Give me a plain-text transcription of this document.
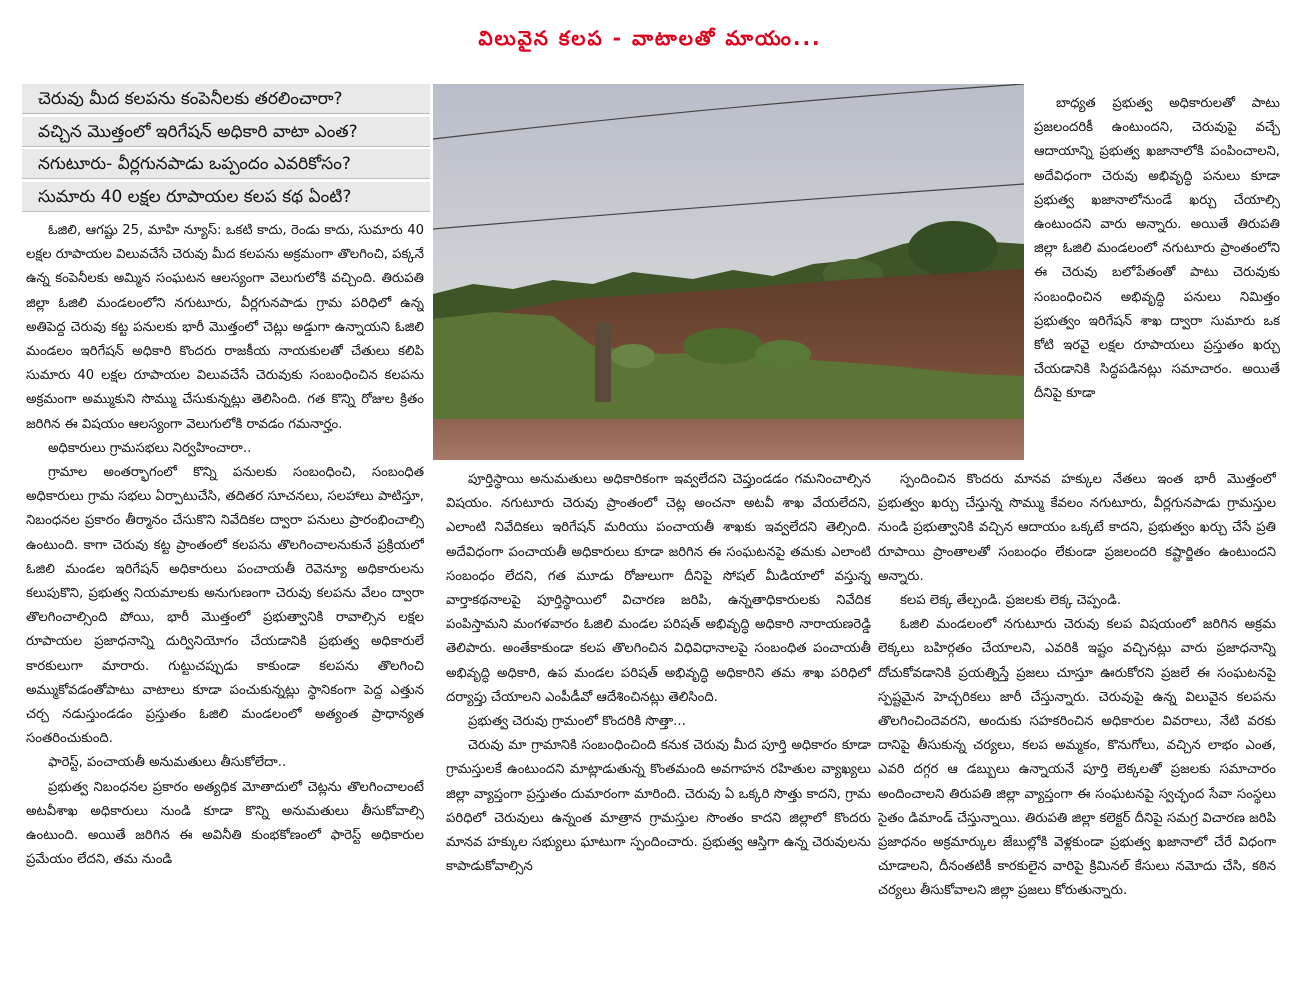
విలువైన కలప - వాటాలతో మాయం...
చెరువు మీద కలపను కంపెనీలకు తరలించారా?
వచ్చిన మొత్తంలో ఇరిగేషన్ అధికారి వాటా ఎంత?
నగుటూరు- వీర్లగునపాడు ఒప్పందం ఎవరికోసం?
సుమారు 40 లక్షల రూపాయల కలప కథ ఏంటి?

ఓజిలి, ఆగష్టు 25, మాహి న్యూస్: ఒకటి కాదు, రెండు కాదు, సుమారు 40 లక్షల రూపాయల విలువచేసే చెరువు మీద కలపను అక్రమంగా తొలగించి, పక్కనే ఉన్న కంపెనీలకు అమ్మిన సంఘటన ఆలస్యంగా వెలుగులోకి వచ్చింది. తిరుపతి జిల్లా ఓజిలి మండలంలోని నగుటూరు, వీర్లగునపాడు గ్రామ పరిధిలో ఉన్న అతిపెద్ద చెరువు కట్ట పనులకు భారీ మొత్తంలో చెట్లు అడ్డుగా ఉన్నాయని ఓజిలి మండలం ఇరిగేషన్ అధికారి కొందరు రాజకీయ నాయకులతో చేతులు కలిపి సుమారు 40 లక్షల రూపాయల విలువచేసే చెరువుకు సంబంధించిన కలపను అక్రమంగా అమ్ముకుని సొమ్ము చేసుకున్నట్లు తెలిసింది. గత కొన్ని రోజుల క్రితం జరిగిన ఈ విషయం ఆలస్యంగా వెలుగులోకి రావడం గమనార్హం.

అధికారులు గ్రామసభలు నిర్వహించారా..

గ్రామాల అంతర్భాగంలో కొన్ని పనులకు సంబంధించి, సంబంధిత అధికారులు గ్రామ సభలు ఏర్పాటుచేసి, తదితర సూచనలు, సలహాలు పాటిస్తూ, నిబంధనల ప్రకారం తీర్మానం చేసుకొని నివేదికల ద్వారా పనులు ప్రారంభించాల్సి ఉంటుంది. కాగా చెరువు కట్ట ప్రాంతంలో కలపను తొలగించాలనుకునే ప్రక్రియలో ఓజిలి మండల ఇరిగేషన్ అధికారులు పంచాయతీ రెవెన్యూ అధికారులను కలుపుకొని, ప్రభుత్వ నియమాలకు అనుగుణంగా చెరువు కలపను వేలం ద్వారా తొలగించాల్సింది పోయి, భారీ మొత్తంలో ప్రభుత్వానికి రావాల్సిన లక్షల రూపాయల ప్రజాధనాన్ని దుర్వినియోగం చేయడానికి ప్రభుత్వ అధికారులే కారకులుగా మారారు. గుట్టుచప్పుడు కాకుండా కలపను తొలగించి అమ్ముకోవడంతోపాటు వాటాలు కూడా పంచుకున్నట్లు స్థానికంగా పెద్ద ఎత్తున చర్చ నడుస్తుండడం ప్రస్తుతం ఓజిలి మండలంలో అత్యంత ప్రాధాన్యత సంతరించుకుంది.

ఫారెస్ట్, పంచాయతీ అనుమతులు తీసుకోలేదా..

ప్రభుత్వ నిబంధనల ప్రకారం అత్యధిక మోతాదులో చెట్లను తొలగించాలంటే అటవీశాఖ అధికారులు నుండి కూడా కొన్ని అనుమతులు తీసుకోవాల్సి ఉంటుంది. అయితే జరిగిన ఈ అవినీతి కుంభకోణంలో ఫారెస్ట్ అధికారుల ప్రమేయం లేదని, తమ నుండి

పూర్తిస్థాయి అనుమతులు అధికారికంగా ఇవ్వలేదని చెప్తుండడం గమనించాల్సిన విషయం. నగుటూరు చెరువు ప్రాంతంలో చెట్ల అంచనా అటవీ శాఖ వేయలేదని, ఎలాంటి నివేదికలు ఇరిగేషన్ మరియు పంచాయతీ శాఖకు ఇవ్వలేదని తెల్సింది. అదేవిధంగా పంచాయతీ అధికారులు కూడా జరిగిన ఈ సంఘటనపై తమకు ఎలాంటి సంబంధం లేదని, గత మూడు రోజులుగా దీనిపై సోషల్ మీడియాలో వస్తున్న వార్తాకథనాలపై పూర్తిస్థాయిలో విచారణ జరిపి, ఉన్నతాధికారులకు నివేదిక పంపిస్తామని మంగళవారం ఓజిలి మండల పరిషత్ అభివృద్ధి అధికారి నారాయణరెడ్డి తెలిపారు. అంతేకాకుండా కలప తొలగించిన విధివిధానాలపై సంబంధిత పంచాయతీ అభివృద్ధి అధికారి, ఉప మండల పరిషత్ అభివృద్ధి అధికారిని తమ శాఖ పరిధిలో దర్యాప్తు చేయాలని ఎంపీడీవో ఆదేశించినట్లు తెలిసింది.

ప్రభుత్వ చెరువు గ్రామంలో కొందరికి సొత్తా...

చెరువు మా గ్రామానికి సంబంధించింది కనుక చెరువు మీద పూర్తి అధికారం కూడా గ్రామస్తులకే ఉంటుందని మాట్లాడుతున్న కొంతమంది అవగాహన రహితుల వ్యాఖ్యలు జిల్లా వ్యాప్తంగా ప్రస్తుతం దుమారంగా మారింది. చెరువు ఏ ఒక్కరి సొత్తు కాదని, గ్రామ పరిధిలో చెరువులు ఉన్నంత మాత్రాన గ్రామస్తుల సొంతం కాదని జిల్లాలో కొందరు మానవ హక్కుల సభ్యులు ఘాటుగా స్పందించారు. ప్రభుత్వ ఆస్తిగా ఉన్న చెరువులను కాపాడుకోవాల్సిన

స్పందించిన కొందరు మానవ హక్కుల నేతలు ఇంత భారీ మొత్తంలో ప్రభుత్వం ఖర్చు చేస్తున్న సొమ్ము కేవలం నగుటూరు, వీర్లగునపాడు గ్రామస్తుల నుండి ప్రభుత్వానికి వచ్చిన ఆదాయం ఒక్కటే కాదని, ప్రభుత్వం ఖర్చు చేసే ప్రతి రూపాయి ప్రాంతాలతో సంబంధం లేకుండా ప్రజలందరి కష్టార్జితం ఉంటుందని అన్నారు.

కలప లెక్క తేల్చండి. ప్రజలకు లెక్క చెప్పండి.

ఓజిలి మండలంలో నగుటూరు చెరువు కలప విషయంలో జరిగిన అక్రమ లెక్కలు బహిర్గతం చేయాలని, ఎవరికి ఇష్టం వచ్చినట్లు వారు ప్రజాధనాన్ని దోచుకోవడానికి ప్రయత్నిస్తే ప్రజలు చూస్తూ ఊరుకోరని ప్రజలే ఈ సంఘటనపై స్పష్టమైన హెచ్చరికలు జారీ చేస్తున్నారు. చెరువుపై ఉన్న విలువైన కలపను తొలగించిందెవరని, అందుకు సహకరించిన అధికారుల వివరాలు, నేటి వరకు దానిపై తీసుకున్న చర్యలు, కలప అమ్మకం, కొనుగోలు, వచ్చిన లాభం ఎంత, ఎవరి దగ్గర ఆ డబ్బులు ఉన్నాయనే పూర్తి లెక్కలతో ప్రజలకు సమాచారం అందించాలని తిరుపతి జిల్లా వ్యాప్తంగా ఈ సంఘటనపై స్వచ్ఛంద సేవా సంస్థలు సైతం డిమాండ్ చేస్తున్నాయి. తిరుపతి జిల్లా కలెక్టర్ దీనిపై సమగ్ర విచారణ జరిపి ప్రజాధనం అక్రమార్కుల జేబుల్లోకి వెళ్లకుండా ప్రభుత్వ ఖజానాలో చేరే విధంగా చూడాలని, దీనంతటికీ కారకులైన వారిపై క్రిమినల్ కేసులు నమోదు చేసి, కఠిన చర్యలు తీసుకోవాలని జిల్లా ప్రజలు కోరుతున్నారు.

బాధ్యత ప్రభుత్వ అధికారులతో పాటు ప్రజలందరికీ ఉంటుందని, చెరువుపై వచ్చే ఆదాయాన్ని ప్రభుత్వ ఖజానాలోకి పంపించాలని, అదేవిధంగా చెరువు అభివృద్ధి పనులు కూడా ప్రభుత్వ ఖజానాలోనుండే ఖర్చు చేయాల్సి ఉంటుందని వారు అన్నారు. అయితే తిరుపతి జిల్లా ఓజిలి మండలంలో నగుటూరు ప్రాంతంలోని ఈ చెరువు బలోపేతంతో పాటు చెరువుకు సంబంధించిన అభివృద్ధి పనులు నిమిత్తం ప్రభుత్వం ఇరిగేషన్ శాఖ ద్వారా సుమారు ఒక కోటి ఇరవై లక్షల రూపాయలు ప్రస్తుతం ఖర్చు చేయడానికి సిద్ధపడినట్లు సమాచారం. అయితే దీనిపై కూడా
